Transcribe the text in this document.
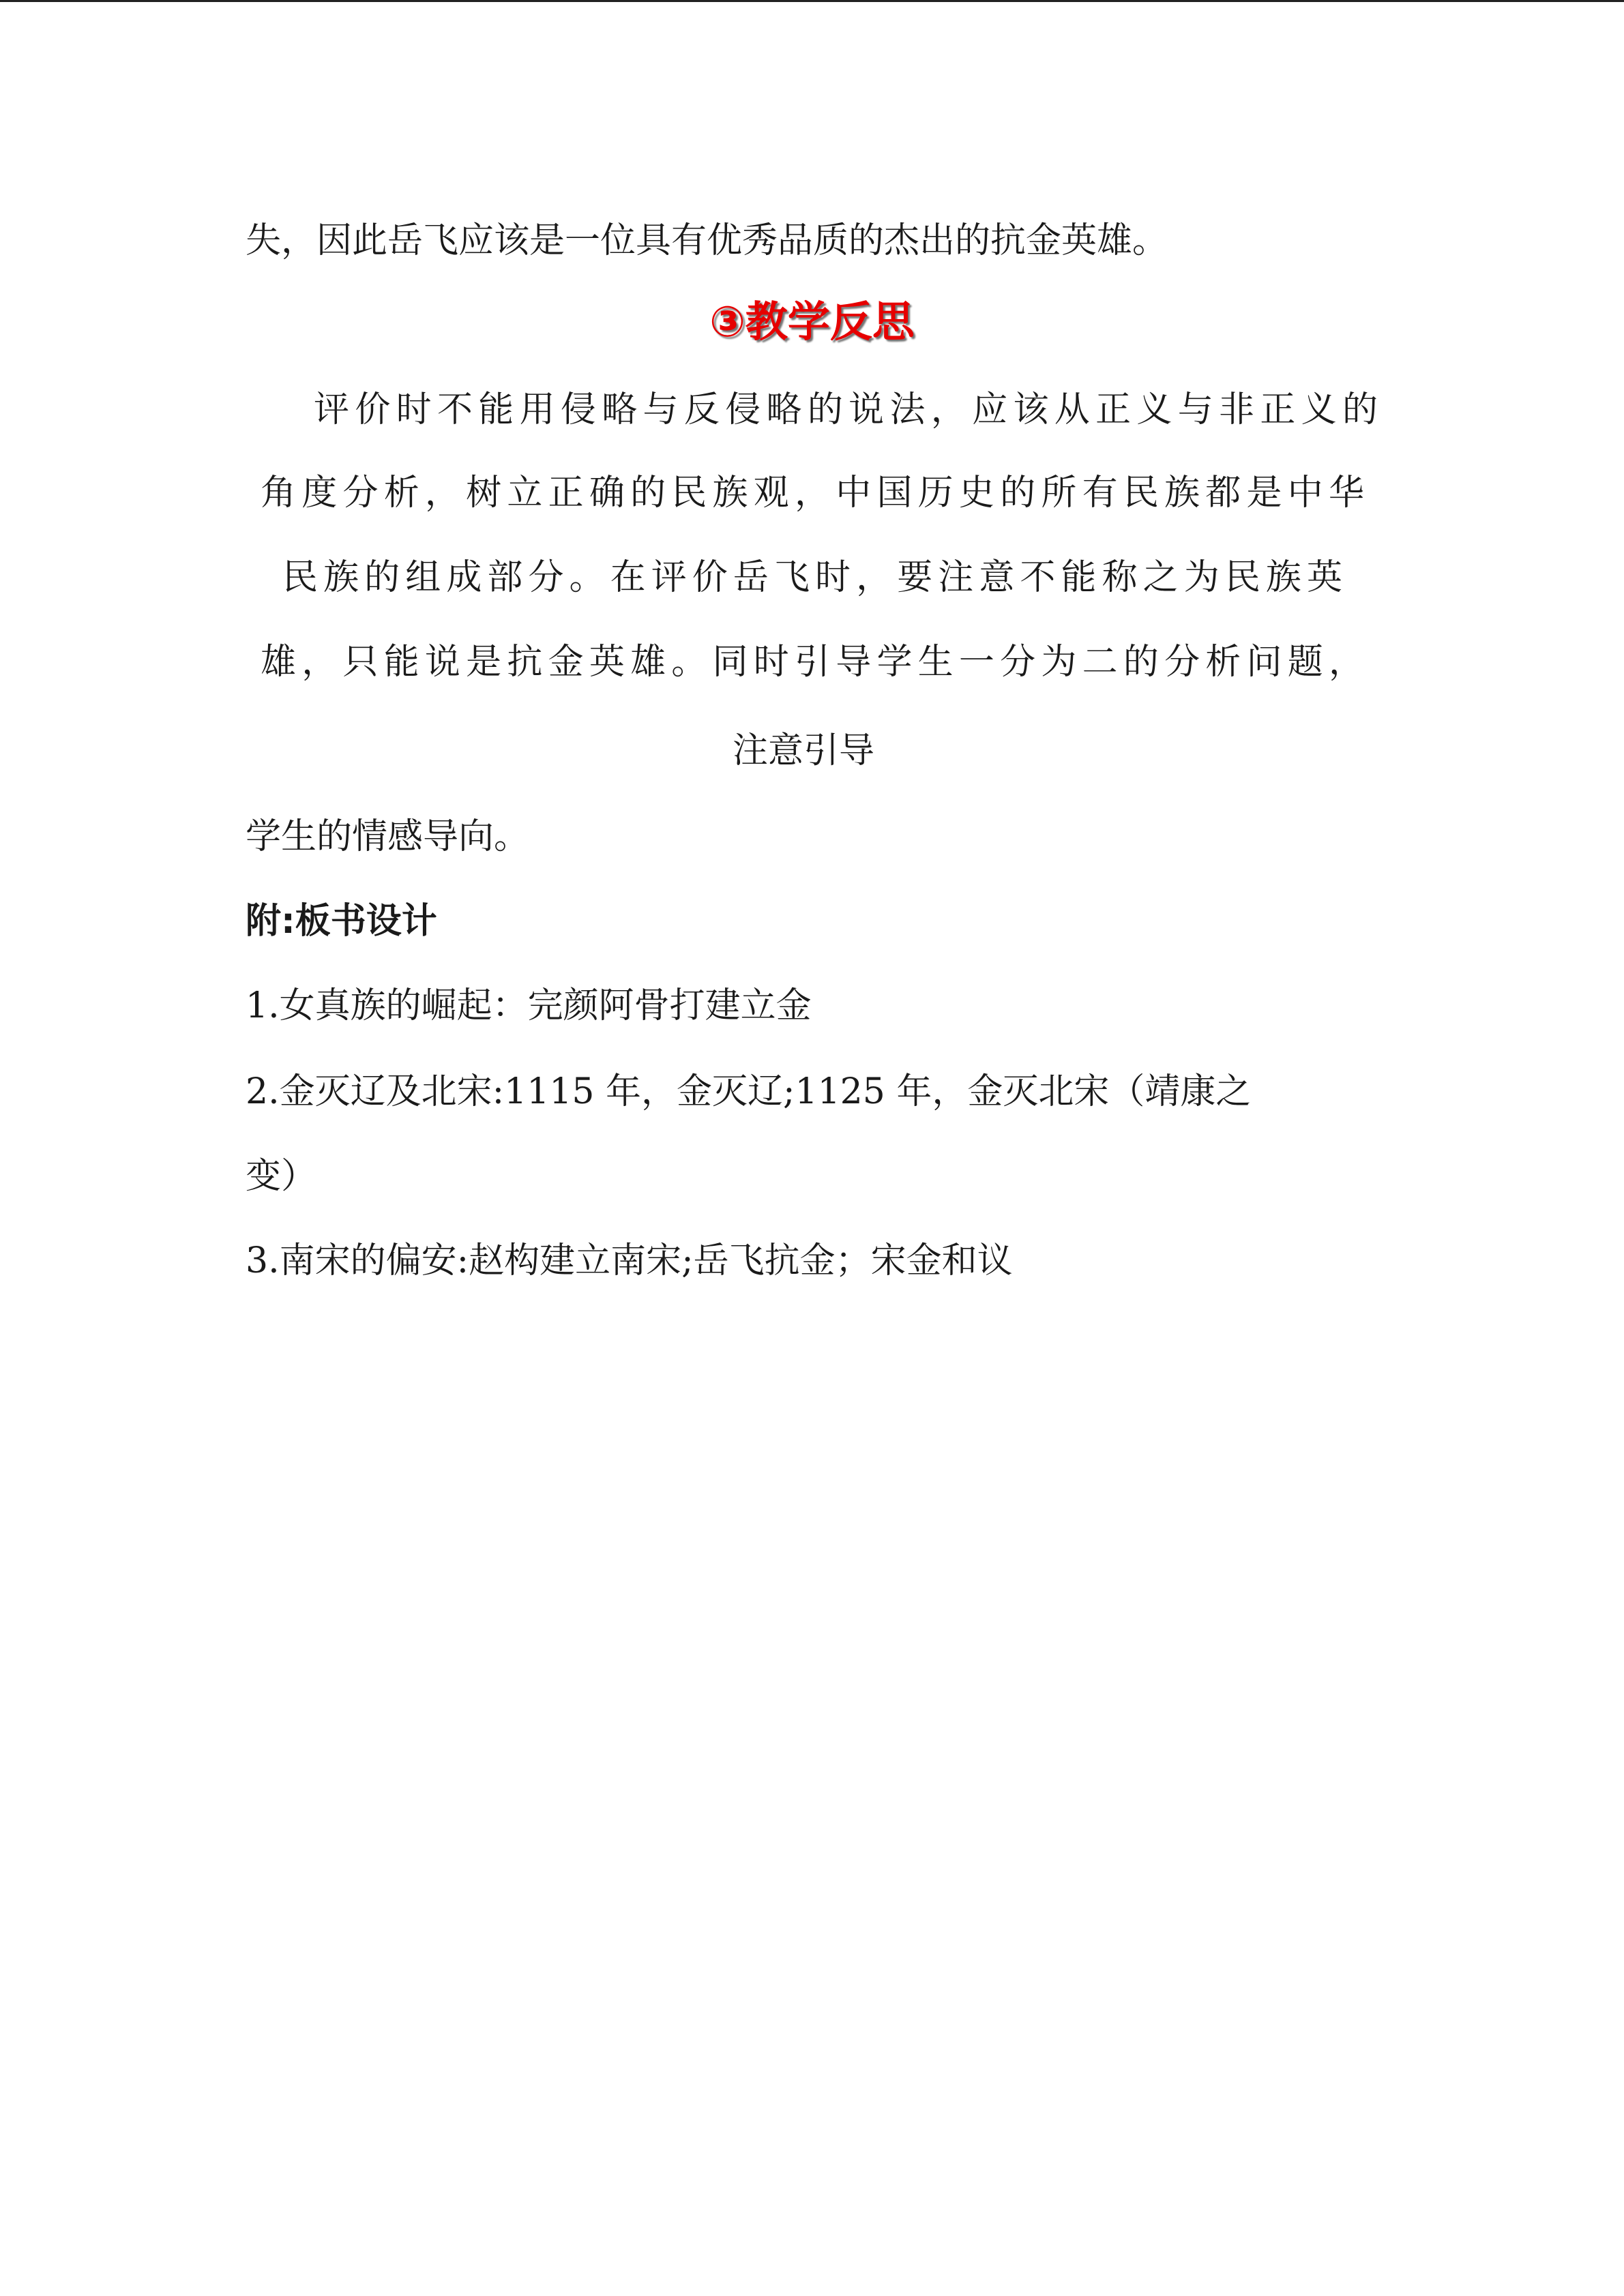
失，因此岳飞应该是一位具有优秀品质的杰出的抗金英雄。
③教学反思
评价时不能用侵略与反侵略的说法，应该从正义与非正义的
角度分析，树立正确的民族观，中国历史的所有民族都是中华
民族的组成部分。在评价岳飞时，要注意不能称之为民族英
雄，只能说是抗金英雄。同时引导学生一分为二的分析问题，
注意引导
学生的情感导向。
附:板书设计
1.女真族的崛起：完颜阿骨打建立金
2.金灭辽及北宋:1115 年，金灭辽;1125 年，金灭北宋（靖康之
变）
3.南宋的偏安:赵构建立南宋;岳飞抗金；宋金和议
